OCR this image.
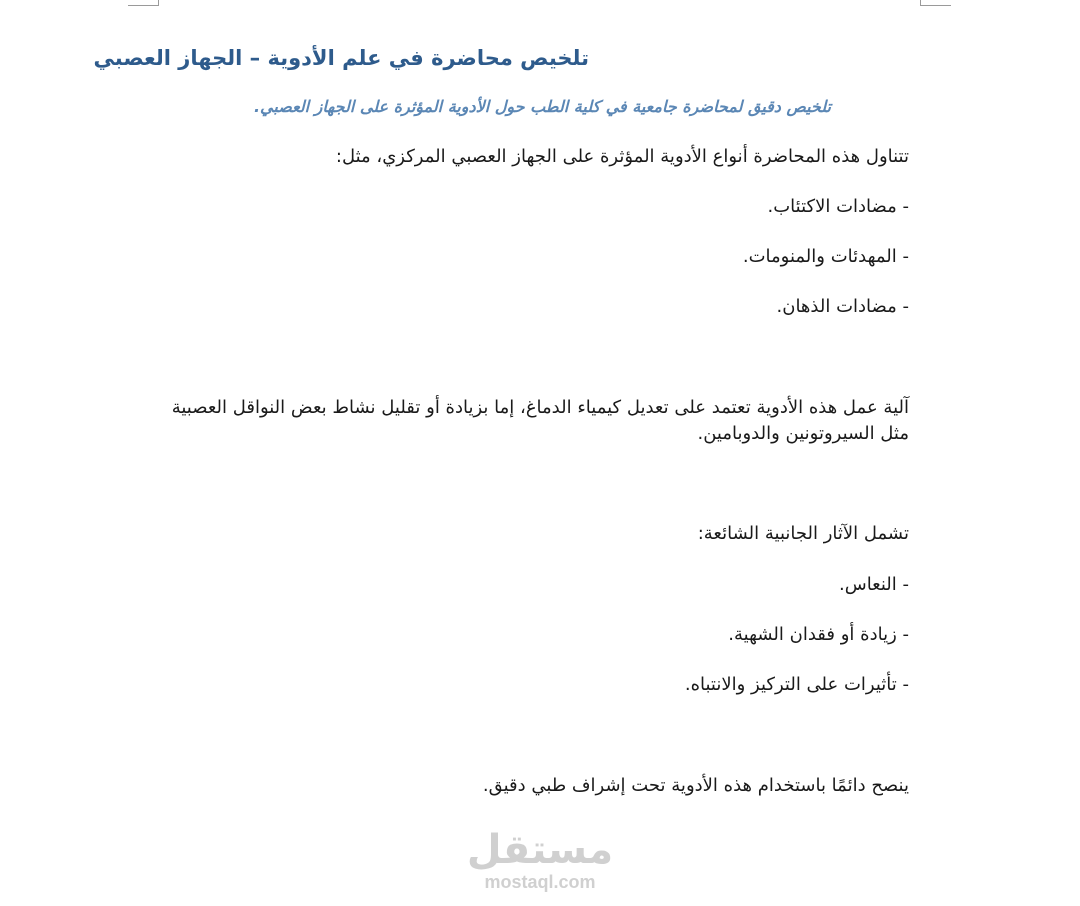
تلخيص محاضرة في علم الأدوية – الجهاز العصبي
تلخيص دقيق لمحاضرة جامعية في كلية الطب حول الأدوية المؤثرة على الجهاز العصبي.
تتناول هذه المحاضرة أنواع الأدوية المؤثرة على الجهاز العصبي المركزي، مثل:
- مضادات الاكتئاب.
- المهدئات والمنومات.
- مضادات الذهان.
آلية عمل هذه الأدوية تعتمد على تعديل كيمياء الدماغ، إما بزيادة أو تقليل نشاط بعض النواقل العصبية مثل السيروتونين والدوبامين.
تشمل الآثار الجانبية الشائعة:
- النعاس.
- زيادة أو فقدان الشهية.
- تأثيرات على التركيز والانتباه.
ينصح دائمًا باستخدام هذه الأدوية تحت إشراف طبي دقيق.
مستقل
mostaql.com
